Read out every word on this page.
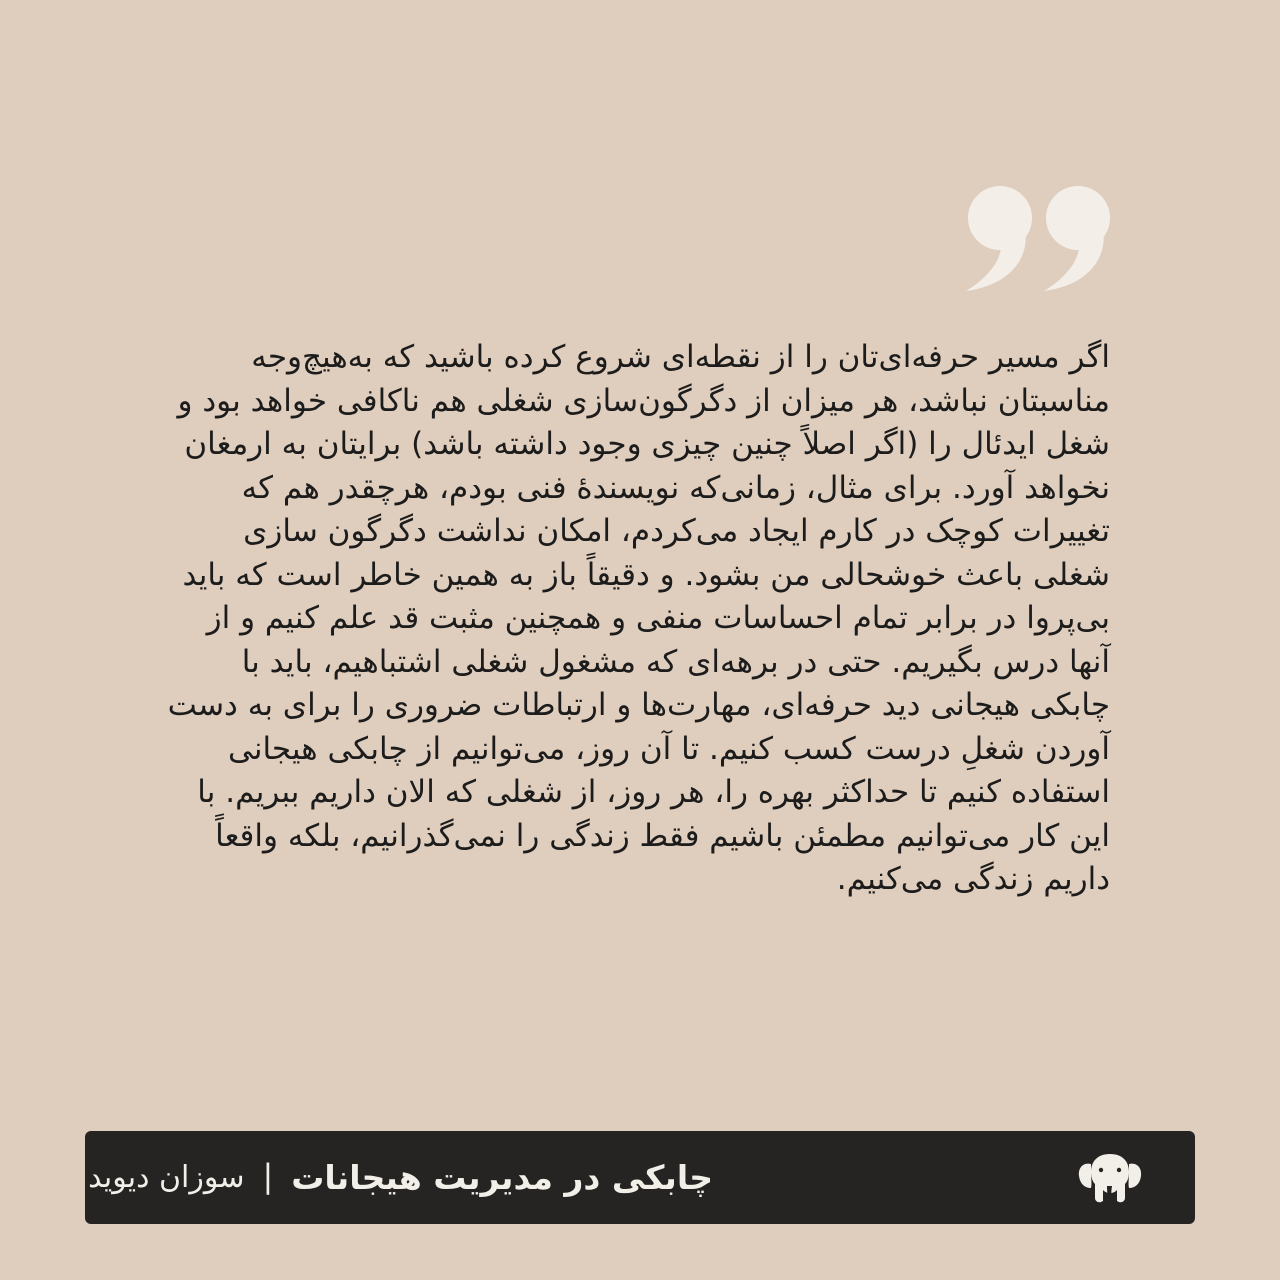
اگر مسیر حرفه‌ای‌تان را از نقطه‌ای شروع کرده باشید که به‌هیچ‌وجه مناسبتان نباشد، هر میزان از دگرگون‌سازی شغلی هم ناکافی خواهد بود و شغل ایدئال را (اگر اصلاً چنین چیزی وجود داشته باشد) برایتان به ارمغان نخواهد آورد. برای مثال، زمانی‌که نویسندهٔ فنی بودم، هرچقدر هم که تغییرات کوچک در کارم ایجاد می‌کردم، امکان نداشت دگرگون سازی شغلی باعث خوشحالی من بشود. و دقیقاً باز به همین خاطر است که باید بی‌پروا در برابر تمام احساسات منفی و همچنین مثبت قد علم کنیم و از آنها درس بگیریم. حتی در برهه‌ای که مشغول شغلی اشتباهیم، باید با چابکی هیجانی دید حرفه‌ای، مهارت‌ها و ارتباطات ضروری را برای به دست آوردن شغلِ درست کسب کنیم. تا آن روز، می‌توانیم از چابکی هیجانی استفاده کنیم تا حداکثر بهره را، هر روز، از شغلی که الان داریم ببریم. با این کار می‌توانیم مطمئن باشیم فقط زندگی را نمی‌گذرانیم، بلکه واقعاً داریم زندگی می‌کنیم.

چابکی در مدیریت هیجانات
|
سوزان دیوید
